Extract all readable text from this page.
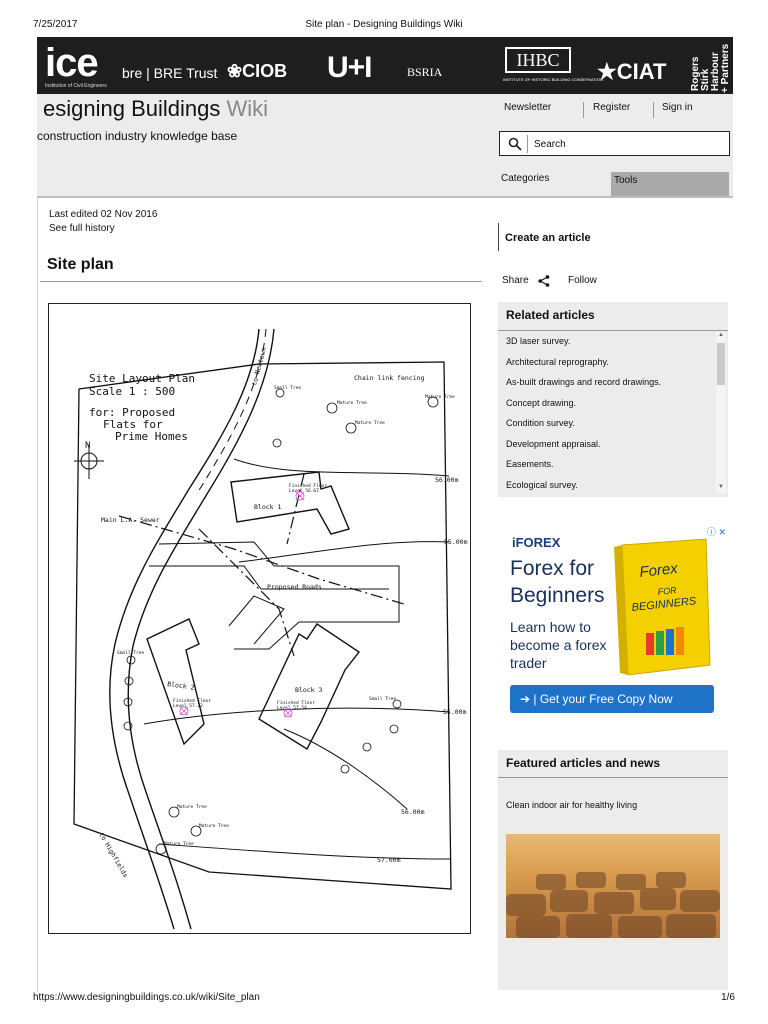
7/25/2017	Site plan - Designing Buildings Wiki
ice
Institution of Civil Engineers
bre | BRE Trust ❀CIOB U+I	BSRIA
IHBC
INSTITUTE OF HISTORIC BUILDING CONSERVATION
★CIAT Rogers Stirk Harbour + Partners
esigning Buildings Wiki
construction industry knowledge base
Newsletter	Register	Sign in
Search
Categories	Tools
Last edited 02 Nov 2016
See full history
Site plan
Site Layout Plan
Scale 1 : 500
for: Proposed
Flats for
Prime Homes
N
Chain link fencing
Main L.A. Sewer
Proposed Roads
Block 1
Block 2	Block 3
56.00m
55.00m
55.00m
56.00m
57.00m
Finished Floor
Level 56.67
Finished Floor
Level 57.22
Finished Floor
Level 57.54
Small Tree
Mature Tree
Mature Tree
Mature Tree
Mature Tree
Mature Tree
Mature Tree
Small Tree
Small Tree
to Newtown
to Highfields
Create an article
Share	Follow
Related articles
3D laser survey.
Architectural reprography.
As-built drawings and record drawings.
Concept drawing.
Condition survey.
Development appraisal.
Easements.
Ecological survey.
▲
▼
iFOREX
ⓘ ✕
Forex for Beginners
Learn how to become a forex trader
Forex
FOR
BEGINNERS
➔ | Get your Free Copy Now
Featured articles and news
Clean indoor air for healthy living
https://www.designingbuildings.co.uk/wiki/Site_plan	1/6
